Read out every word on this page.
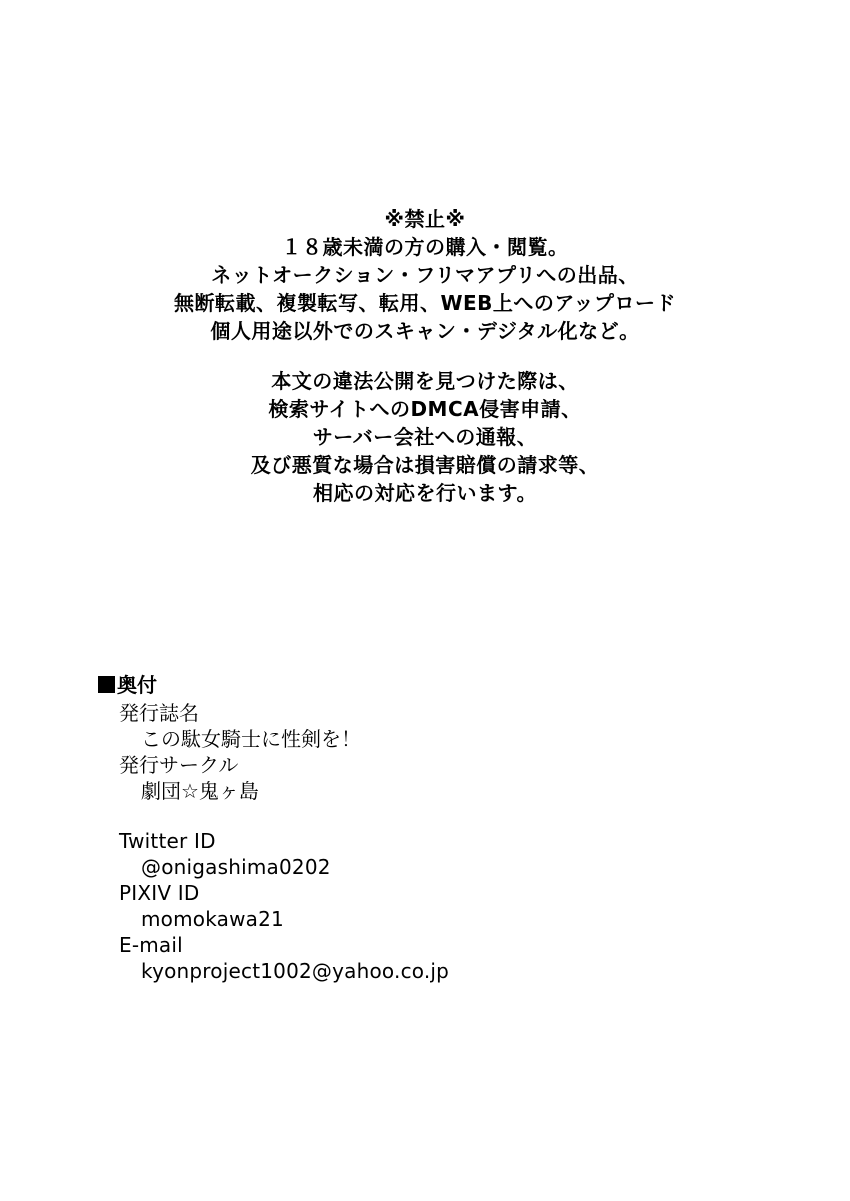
※禁止※
１８歳未満の方の購入・閲覧。
ネットオークション・フリマアプリへの出品、
無断転載、複製転写、転用、WEB上へのアップロード
個人用途以外でのスキャン・デジタル化など。
本文の違法公開を見つけた際は、
検索サイトへのDMCA侵害申請、
サーバー会社への通報、
及び悪質な場合は損害賠償の請求等、
相応の対応を行います。
奥付
発行誌名
この駄女騎士に性剣を！
発行サークル
劇団☆鬼ヶ島
Twitter ID
@onigashima0202
PIXIV ID
momokawa21
E-mail
kyonproject1002@yahoo.co.jp
